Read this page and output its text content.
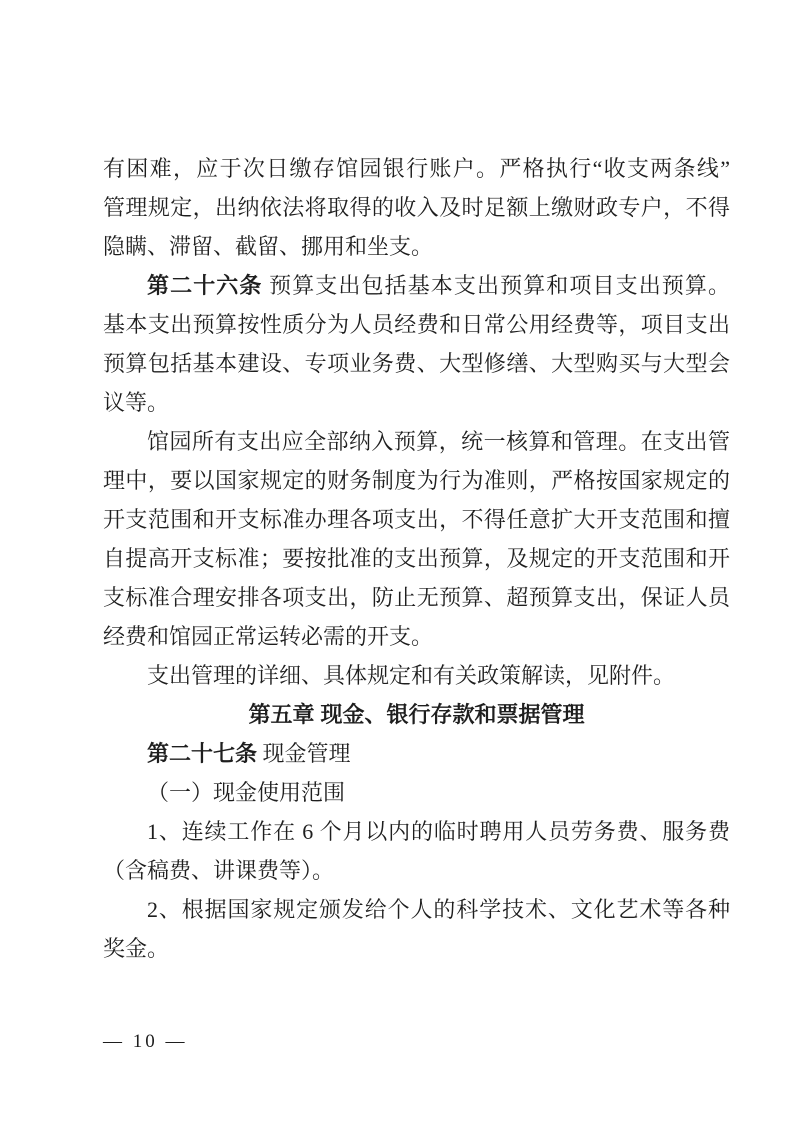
有困难，应于次日缴存馆园银行账户。严格执行“收支两条线”
管理规定，出纳依法将取得的收入及时足额上缴财政专户，不得
隐瞒、滞留、截留、挪用和坐支。
第二十六条 预算支出包括基本支出预算和项目支出预算。
基本支出预算按性质分为人员经费和日常公用经费等，项目支出
预算包括基本建设、专项业务费、大型修缮、大型购买与大型会
议等。
馆园所有支出应全部纳入预算，统一核算和管理。在支出管
理中，要以国家规定的财务制度为行为准则，严格按国家规定的
开支范围和开支标准办理各项支出，不得任意扩大开支范围和擅
自提高开支标准；要按批准的支出预算，及规定的开支范围和开
支标准合理安排各项支出，防止无预算、超预算支出，保证人员
经费和馆园正常运转必需的开支。
支出管理的详细、具体规定和有关政策解读，见附件。
第五章 现金、银行存款和票据管理
第二十七条 现金管理
（一）现金使用范围
1、连续工作在 6 个月以内的临时聘用人员劳务费、服务费
（含稿费、讲课费等）。
2、根据国家规定颁发给个人的科学技术、文化艺术等各种
奖金。
— 10 —
